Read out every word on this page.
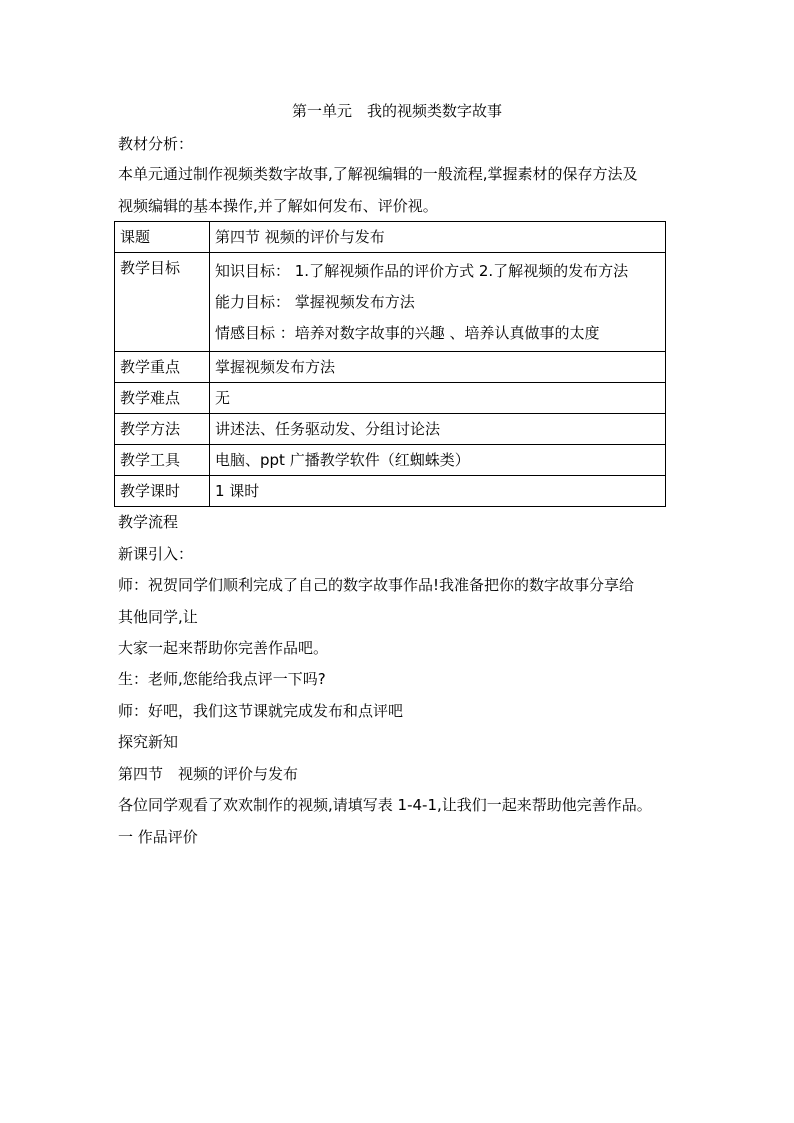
第一单元　我的视频类数字故事
教材分析：
本单元通过制作视频类数字故事,了解视编辑的一般流程,掌握素材的保存方法及
视频编辑的基本操作,并了解如何发布、评价视。
课题	第四节 视频的评价与发布
教学目标	知识目标： 1.了解视频作品的评价方式 2.了解视频的发布方法
能力目标： 掌握视频发布方法
情感目标 ：培养对数字故事的兴趣 、培养认真做事的太度

教学重点	掌握视频发布方法
教学难点	无
教学方法	讲述法、任务驱动发、分组讨论法
教学工具	电脑、ppt 广播教学软件（红蜘蛛类）
教学课时	1 课时
教学流程
新课引入：
师：祝贺同学们顺利完成了自己的数字故事作品!我准备把你的数字故事分享给
其他同学,让
大家一起来帮助你完善作品吧。
生：老师,您能给我点评一下吗?
师：好吧，我们这节课就完成发布和点评吧
探究新知
第四节　视频的评价与发布
各位同学观看了欢欢制作的视频,请填写表 1-4-1,让我们一起来帮助他完善作品。
一 作品评价
